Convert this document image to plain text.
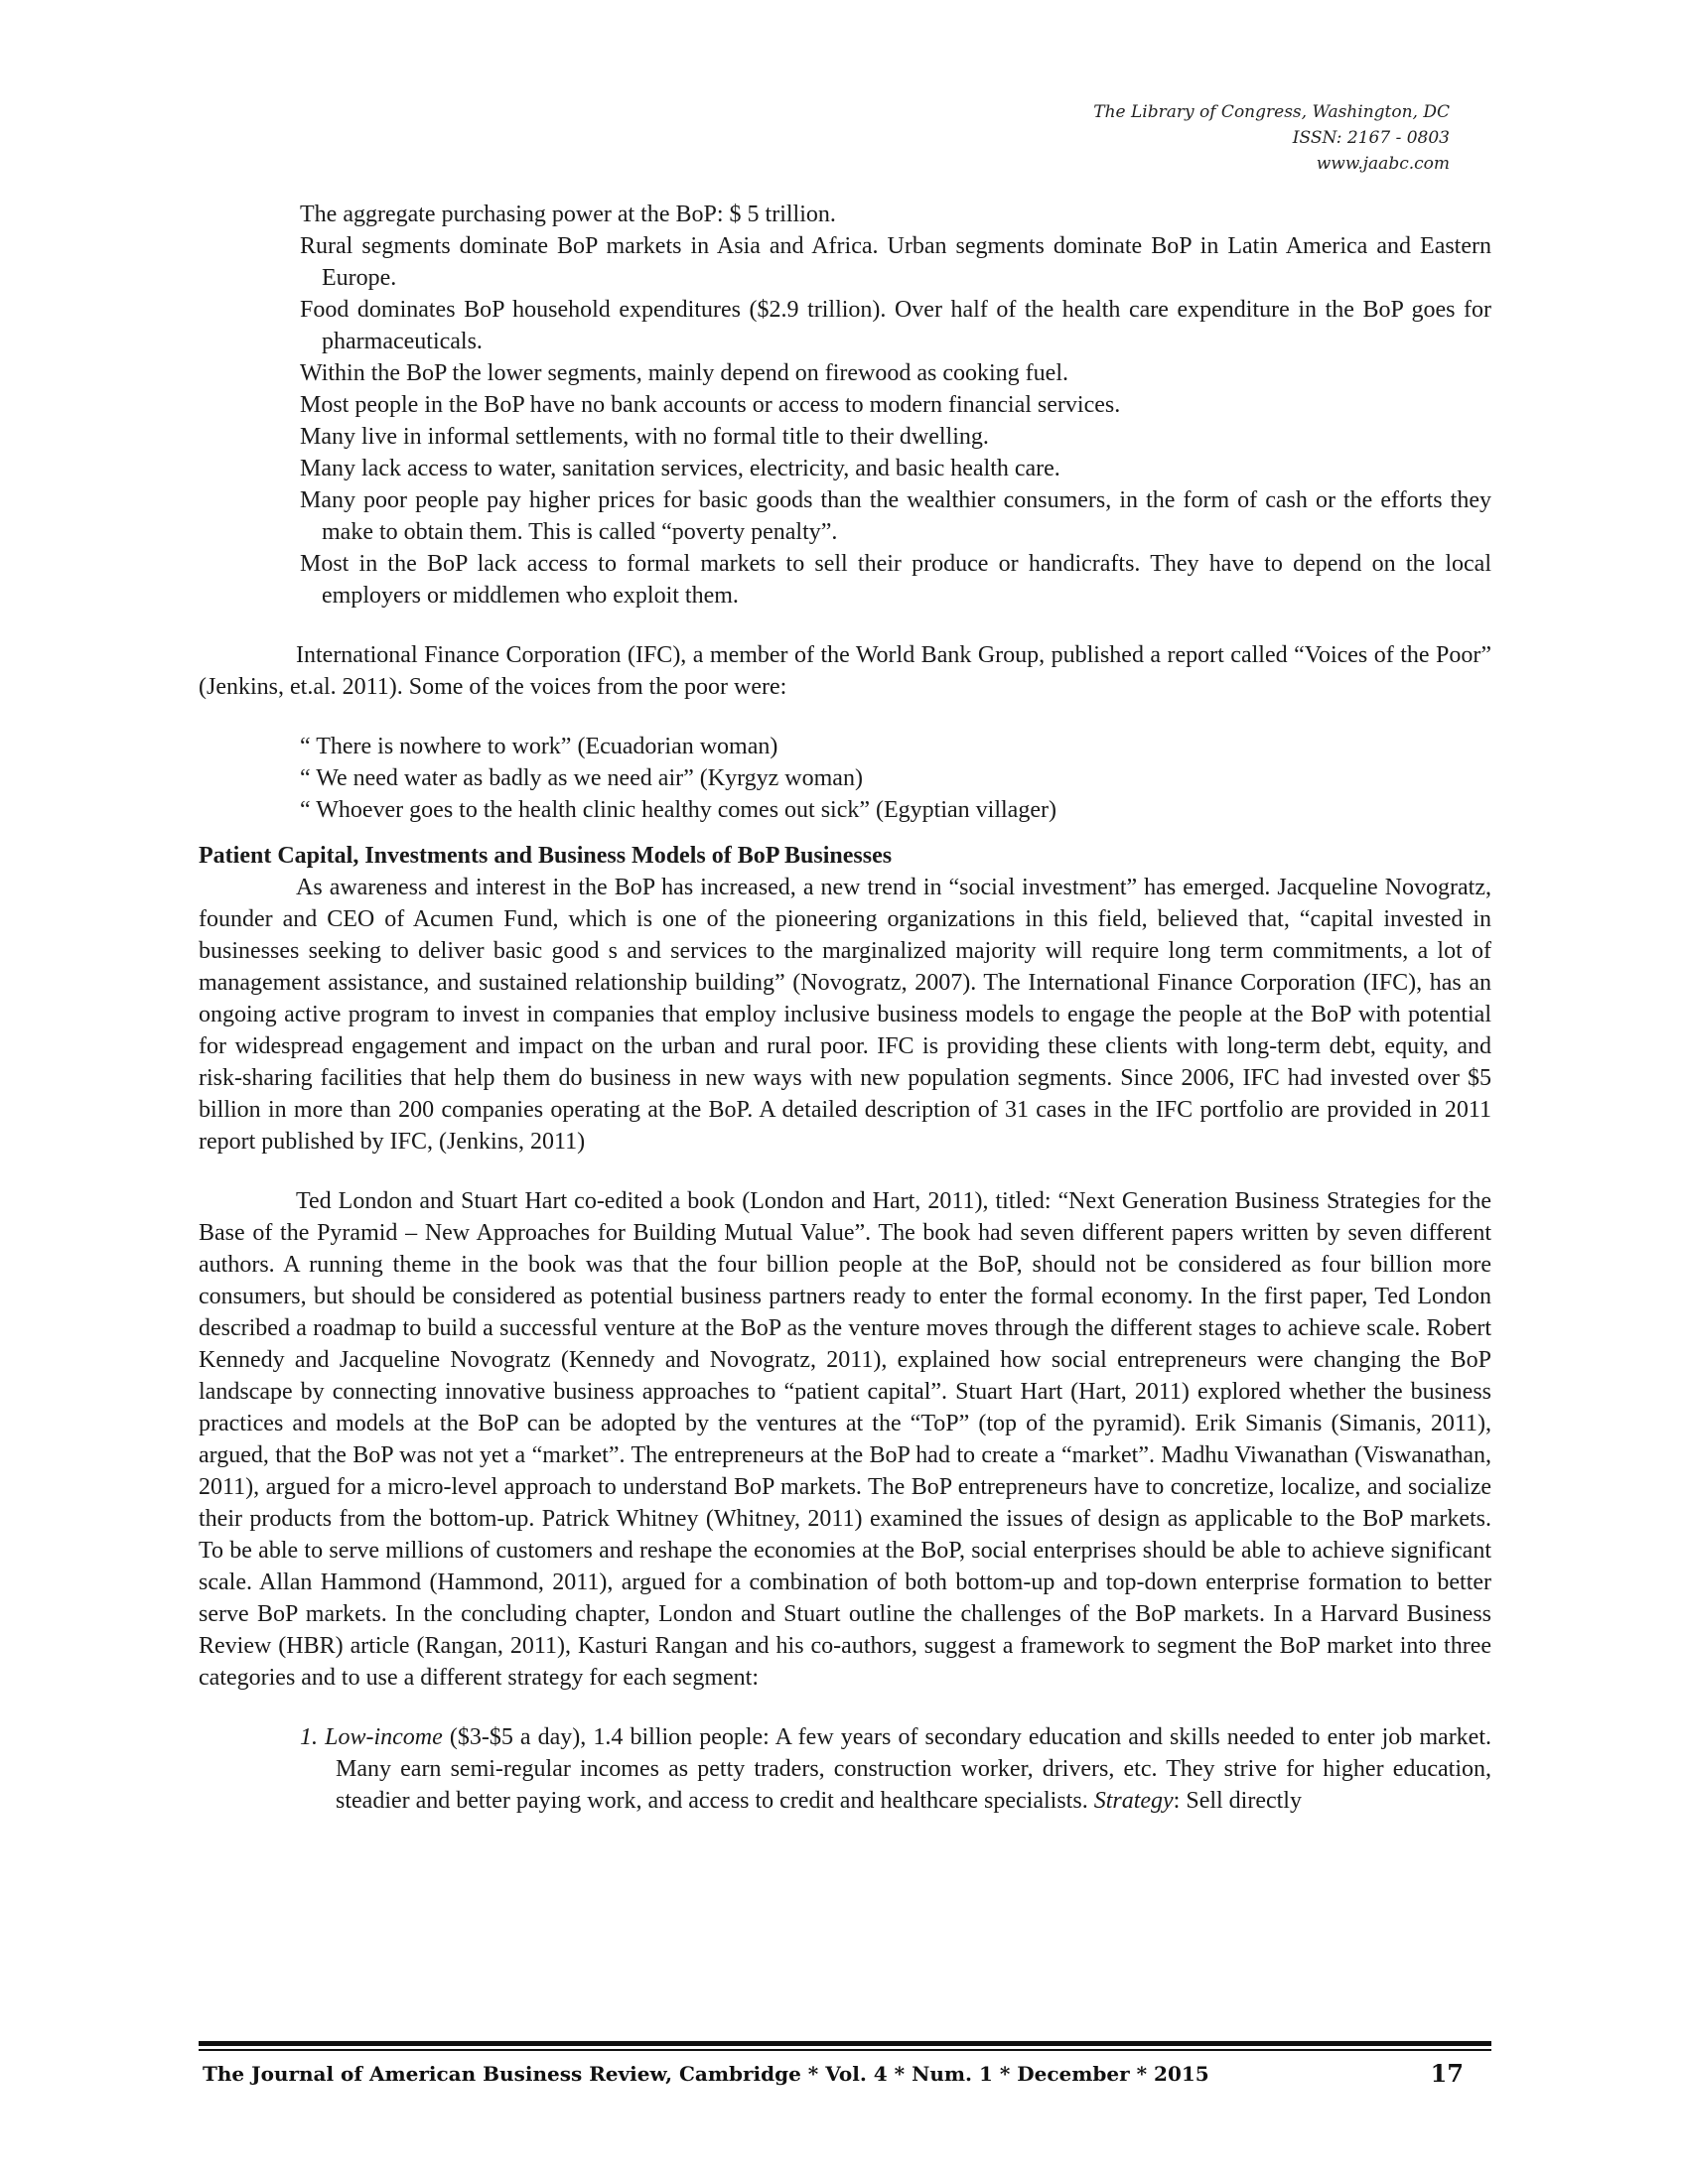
The Library of Congress, Washington, DC
ISSN: 2167 - 0803
www.jaabc.com
The aggregate purchasing power at the BoP: $ 5 trillion.
Rural segments dominate BoP markets in Asia and Africa. Urban segments dominate BoP in Latin America and Eastern Europe.
Food dominates BoP household expenditures ($2.9 trillion). Over half of the health care expenditure in the BoP goes for pharmaceuticals.
Within the BoP the lower segments, mainly depend on firewood as cooking fuel.
Most people in the BoP have no bank accounts or access to modern financial services.
Many live in informal settlements, with no formal title to their dwelling.
Many lack access to water, sanitation services, electricity, and basic health care.
Many poor people pay higher prices for basic goods than the wealthier consumers, in the form of cash or the efforts they make to obtain them. This is called “poverty penalty”.
Most in the BoP lack access to formal markets to sell their produce or handicrafts. They have to depend on the local employers or middlemen who exploit them.

International Finance Corporation (IFC), a member of the World Bank Group, published a report called “Voices of the Poor” (Jenkins, et.al. 2011). Some of the voices from the poor were:

“ There is nowhere to work” (Ecuadorian woman)
“ We need water as badly as we need air” (Kyrgyz woman)
“ Whoever goes to the health clinic healthy comes out sick” (Egyptian villager)

Patient Capital, Investments and Business Models of BoP Businesses

As awareness and interest in the BoP has increased, a new trend in “social investment” has emerged. Jacqueline Novogratz, founder and CEO of Acumen Fund, which is one of the pioneering organizations in this field, believed that, “capital invested in businesses seeking to deliver basic good s and services to the marginalized majority will require long term commitments, a lot of management assistance, and sustained relationship building” (Novogratz, 2007). The International Finance Corporation (IFC), has an ongoing active program to invest in companies that employ inclusive business models to engage the people at the BoP with potential for widespread engagement and impact on the urban and rural poor. IFC is providing these clients with long-term debt, equity, and risk-sharing facilities that help them do business in new ways with new population segments. Since 2006, IFC had invested over $5 billion in more than 200 companies operating at the BoP. A detailed description of 31 cases in the IFC portfolio are provided in 2011 report published by IFC, (Jenkins, 2011)

Ted London and Stuart Hart co-edited a book (London and Hart, 2011), titled: “Next Generation Business Strategies for the Base of the Pyramid – New Approaches for Building Mutual Value”. The book had seven different papers written by seven different authors. A running theme in the book was that the four billion people at the BoP, should not be considered as four billion more consumers, but should be considered as potential business partners ready to enter the formal economy. In the first paper, Ted London described a roadmap to build a successful venture at the BoP as the venture moves through the different stages to achieve scale. Robert Kennedy and Jacqueline Novogratz (Kennedy and Novogratz, 2011), explained how social entrepreneurs were changing the BoP landscape by connecting innovative business approaches to “patient capital”. Stuart Hart (Hart, 2011) explored whether the business practices and models at the BoP can be adopted by the ventures at the “ToP” (top of the pyramid). Erik Simanis (Simanis, 2011), argued, that the BoP was not yet a “market”. The entrepreneurs at the BoP had to create a “market”. Madhu Viwanathan (Viswanathan, 2011), argued for a micro-level approach to understand BoP markets. The BoP entrepreneurs have to concretize, localize, and socialize their products from the bottom-up. Patrick Whitney (Whitney, 2011) examined the issues of design as applicable to the BoP markets. To be able to serve millions of customers and reshape the economies at the BoP, social enterprises should be able to achieve significant scale. Allan Hammond (Hammond, 2011), argued for a combination of both bottom-up and top-down enterprise formation to better serve BoP markets. In the concluding chapter, London and Stuart outline the challenges of the BoP markets. In a Harvard Business Review (HBR) article (Rangan, 2011), Kasturi Rangan and his co-authors, suggest a framework to segment the BoP market into three categories and to use a different strategy for each segment:

1. Low-income ($3-$5 a day), 1.4 billion people: A few years of secondary education and skills needed to enter job market. Many earn semi-regular incomes as petty traders, construction worker, drivers, etc. They strive for higher education, steadier and better paying work, and access to credit and healthcare specialists. Strategy: Sell directly
The Journal of American Business Review, Cambridge * Vol. 4 * Num. 1 * December * 2015	17
